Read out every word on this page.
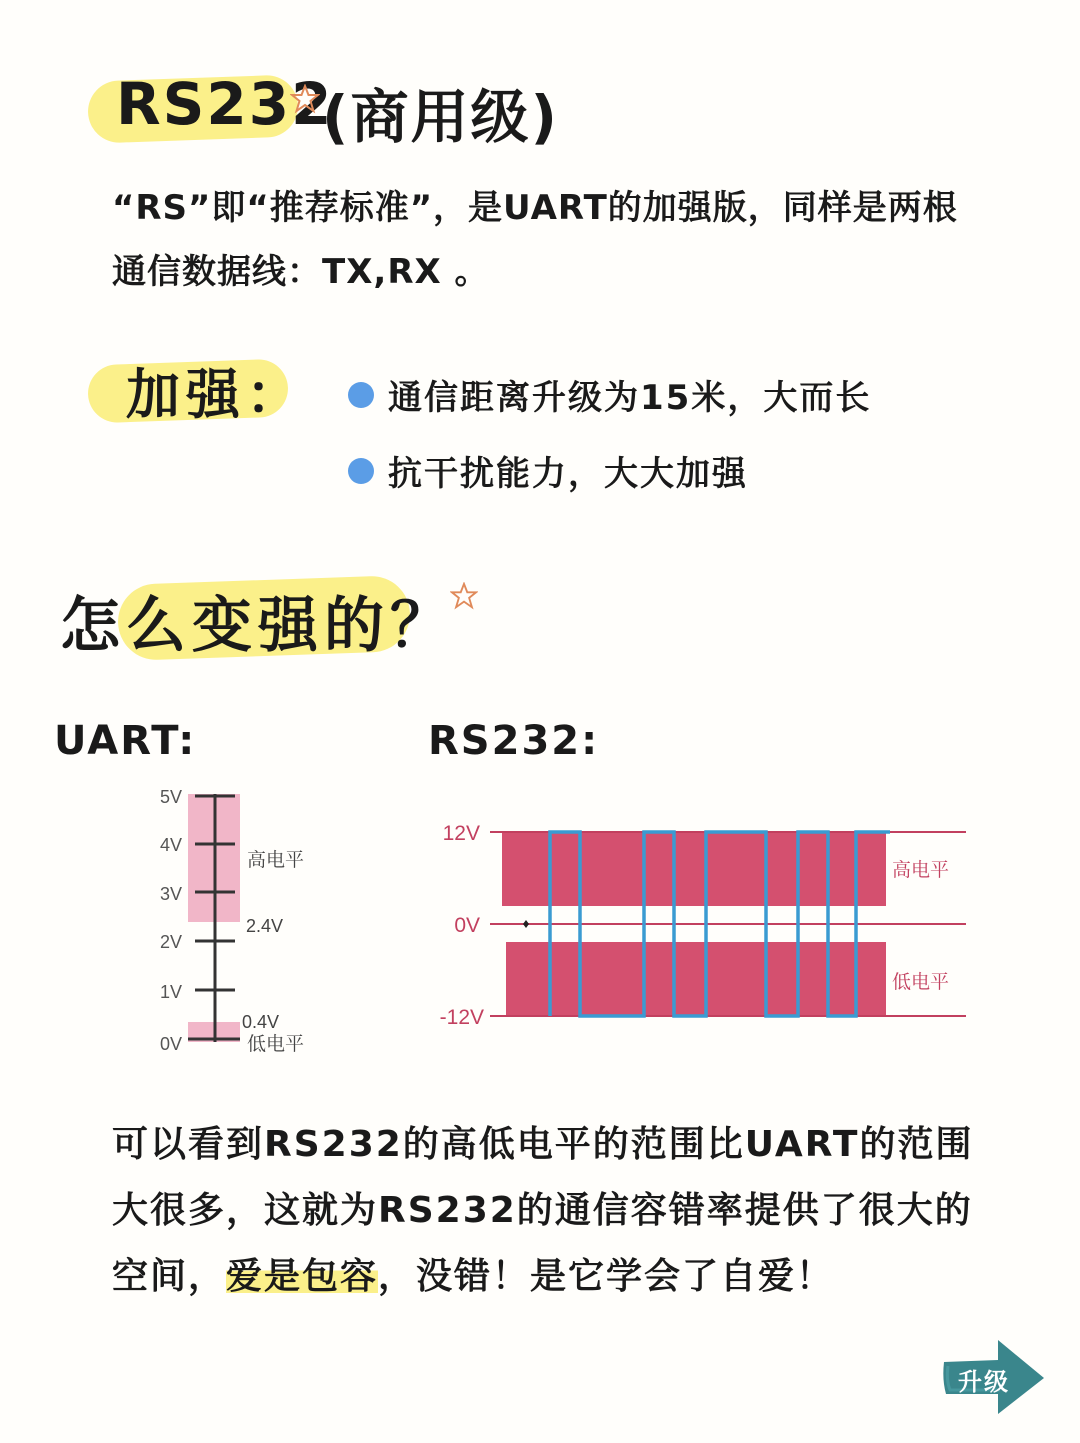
RS232
(商用级)
“RS”即“推荐标准”，是UART的加强版，同样是两根
通信数据线：TX,RX 。
加强： 通信距离升级为15米，大而长
抗干扰能力，大大加强
怎么变强的？
UART:	RS232:
5V
4V
3V
2V
1V
0V
高电平
2.4V
0.4V
低电平
12V
0V
-12V
高电平
低电平
可以看到RS232的高低电平的范围比UART的范围大很多，这就为RS232的通信容错率提供了很大的空间，爱是包容，没错！是它学会了自爱！
升级
